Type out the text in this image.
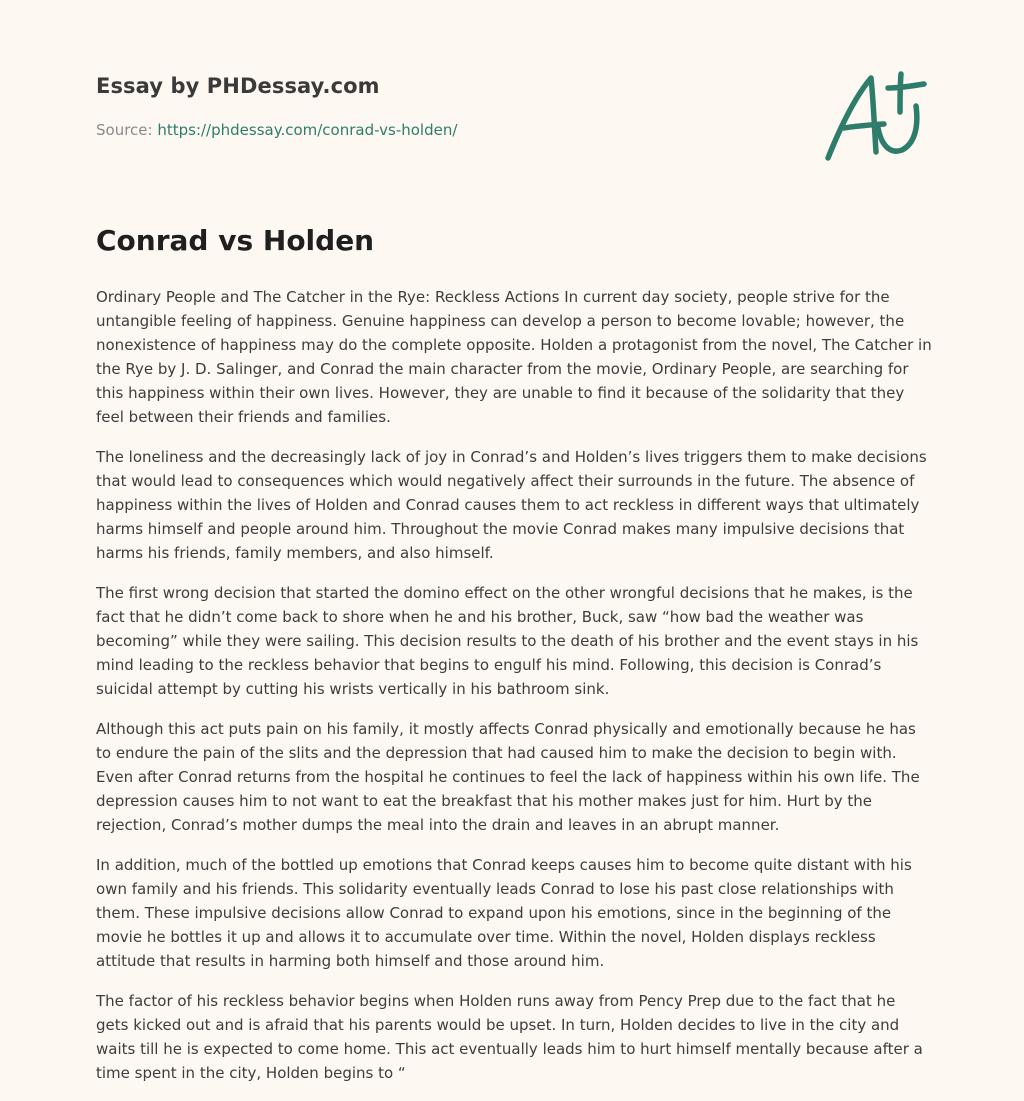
Essay by PHDessay.com
Source: https://phdessay.com/conrad-vs-holden/
Conrad vs Holden

Ordinary People and The Catcher in the Rye: Reckless Actions In current day society, people strive for the untangible feeling of happiness. Genuine happiness can develop a person to become lovable; however, the nonexistence of happiness may do the complete opposite. Holden a protagonist from the novel, The Catcher in the Rye by J. D. Salinger, and Conrad the main character from the movie, Ordinary People, are searching for this happiness within their own lives. However, they are unable to find it because of the solidarity that they feel between their friends and families.

The loneliness and the decreasingly lack of joy in Conrad’s and Holden’s lives triggers them to make decisions that would lead to consequences which would negatively affect their surrounds in the future. The absence of happiness within the lives of Holden and Conrad causes them to act reckless in different ways that ultimately harms himself and people around him. Throughout the movie Conrad makes many impulsive decisions that harms his friends, family members, and also himself.

The first wrong decision that started the domino effect on the other wrongful decisions that he makes, is the fact that he didn’t come back to shore when he and his brother, Buck, saw “how bad the weather was becoming” while they were sailing. This decision results to the death of his brother and the event stays in his mind leading to the reckless behavior that begins to engulf his mind. Following, this decision is Conrad’s suicidal attempt by cutting his wrists vertically in his bathroom sink.

Although this act puts pain on his family, it mostly affects Conrad physically and emotionally because he has to endure the pain of the slits and the depression that had caused him to make the decision to begin with. Even after Conrad returns from the hospital he continues to feel the lack of happiness within his own life. The depression causes him to not want to eat the breakfast that his mother makes just for him. Hurt by the rejection, Conrad’s mother dumps the meal into the drain and leaves in an abrupt manner.

In addition, much of the bottled up emotions that Conrad keeps causes him to become quite distant with his own family and his friends. This solidarity eventually leads Conrad to lose his past close relationships with them. These impulsive decisions allow Conrad to expand upon his emotions, since in the beginning of the movie he bottles it up and allows it to accumulate over time. Within the novel, Holden displays reckless attitude that results in harming both himself and those around him.

The factor of his reckless behavior begins when Holden runs away from Pency Prep due to the fact that he gets kicked out and is afraid that his parents would be upset. In turn, Holden decides to live in the city and waits till he is expected to come home. This act eventually leads him to hurt himself mentally because after a time spent in the city, Holden begins to “
